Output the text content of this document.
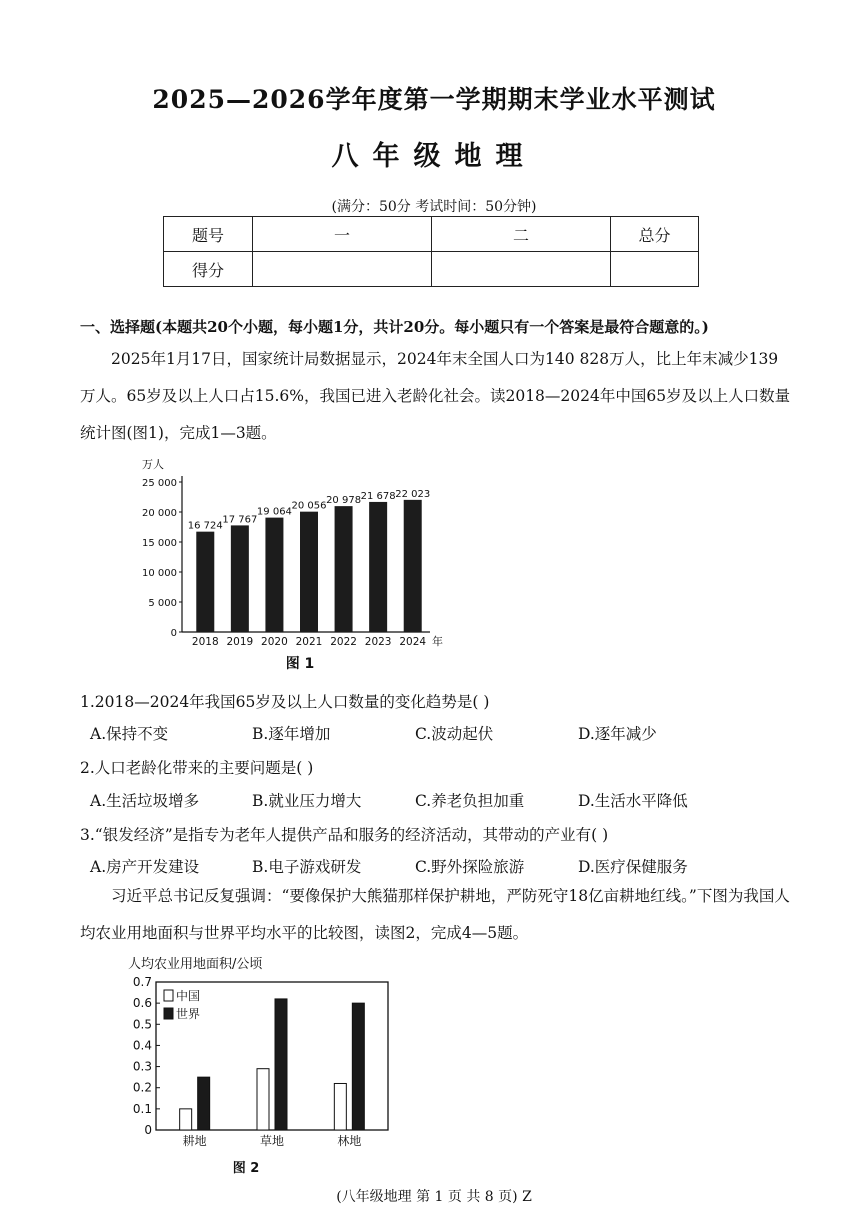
2025—2026学年度第一学期期末学业水平测试
八年级地理
(满分：50分 考试时间：50分钟)
题号	一	二	总分
得分			
一、选择题(本题共20个小题，每小题1分，共计20分。每小题只有一个答案是最符合题意的。)
2025年1月17日，国家统计局数据显示，2024年末全国人口为140 828万人，比上年末减少139万人。65岁及以上人口占15.6%，我国已进入老龄化社会。读2018—2024年中国65岁及以上人口数量统计图(图1)，完成1—3题。
万人
年
0
5 000
10 000
15 000
20 000
25 000
16 724
2018
17 767
2019
19 064
2020
20 056
2021
20 978
2022
21 678
2023
22 023
2024
图 1
1.2018—2024年我国65岁及以上人口数量的变化趋势是( )
A.保持不变	B.逐年增加	C.波动起伏	D.逐年减少
2.人口老龄化带来的主要问题是( )
A.生活垃圾增多	B.就业压力增大	C.养老负担加重	D.生活水平降低
3.“银发经济”是指专为老年人提供产品和服务的经济活动，其带动的产业有( )
A.房产开发建设	B.电子游戏研发	C.野外探险旅游	D.医疗保健服务
习近平总书记反复强调：“要像保护大熊猫那样保护耕地，严防死守18亿亩耕地红线。”下图为我国人均农业用地面积与世界平均水平的比较图，读图2，完成4—5题。
人均农业用地面积/公顷
0
0.1
0.2
0.3
0.4
0.5
0.6
0.7
耕地	草地	林地
中国
世界
图 2
(八年级地理 第 1 页 共 8 页) Z
